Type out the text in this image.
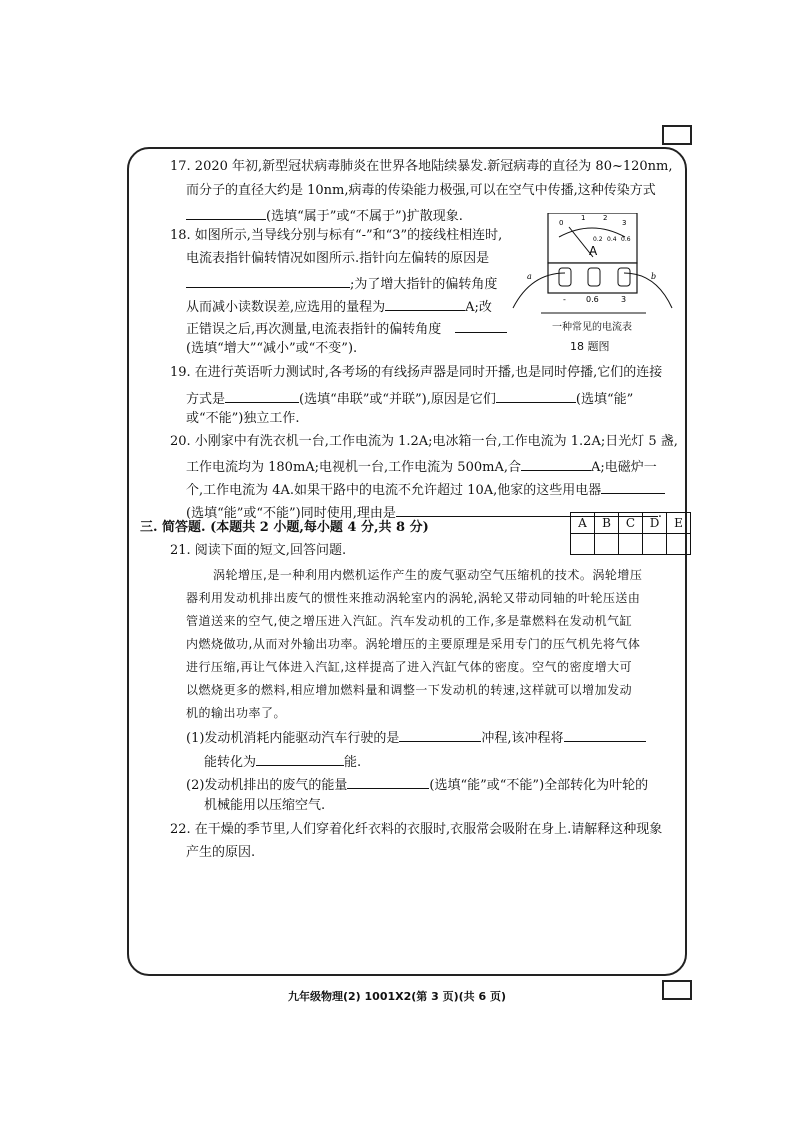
17. 2020 年初,新型冠状病毒肺炎在世界各地陆续暴发.新冠病毒的直径为 80~120nm,
而分子的直径大约是 10nm,病毒的传染能力极强,可以在空气中传播,这种传染方式
(选填“属于”或“不属于”)扩散现象.
18. 如图所示,当导线分别与标有“-”和“3”的接线柱相连时,
电流表指针偏转情况如图所示.指针向左偏转的原因是
;为了增大指针的偏转角度
从而减小读数误差,应选用的量程为	A;改
正错误之后,再次测量,电流表指针的偏转角度
(选填“增大”“减小”或“不变”).
0
1	2
3
0.2 0.4 0.6
A
-	0.6	3
a	b
一种常见的电流表
18 题图
19. 在进行英语听力测试时,各考场的有线扬声器是同时开播,也是同时停播,它们的连接
方式是	(选填“串联”或“并联”),原因是它们	(选填“能”
或“不能”)独立工作.
20. 小刚家中有洗衣机一台,工作电流为 1.2A;电冰箱一台,工作电流为 1.2A;日光灯 5 盏,
工作电流均为 180mA;电视机一台,工作电流为 500mA,合	A;电磁炉一
个,工作电流为 4A.如果干路中的电流不允许超过 10A,他家的这些用电器
(选填“能”或“不能”)同时使用,理由是	.
三. 简答题. (本题共 2 小题,每小题 4 分,共 8 分)	A	B	C	D	E

21. 阅读下面的短文,回答问题.
涡轮增压,是一种利用内燃机运作产生的废气驱动空气压缩机的技术。涡轮增压
器利用发动机排出废气的惯性来推动涡轮室内的涡轮,涡轮又带动同轴的叶轮压送由
管道送来的空气,使之增压进入汽缸。汽车发动机的工作,多是靠燃料在发动机气缸
内燃烧做功,从而对外输出功率。涡轮增压的主要原理是采用专门的压气机先将气体
进行压缩,再让气体进入汽缸,这样提高了进入汽缸气体的密度。空气的密度增大可
以燃烧更多的燃料,相应增加燃料量和调整一下发动机的转速,这样就可以增加发动
机的输出功率了。
(1)发动机消耗内能驱动汽车行驶的是	冲程,该冲程将
能转化为	能.
(2)发动机排出的废气的能量	(选填“能”或“不能”)全部转化为叶轮的
机械能用以压缩空气.
22. 在干燥的季节里,人们穿着化纤衣料的衣服时,衣服常会吸附在身上.请解释这种现象
产生的原因.
九年级物理(2) 1001X2(第 3 页)(共 6 页)
